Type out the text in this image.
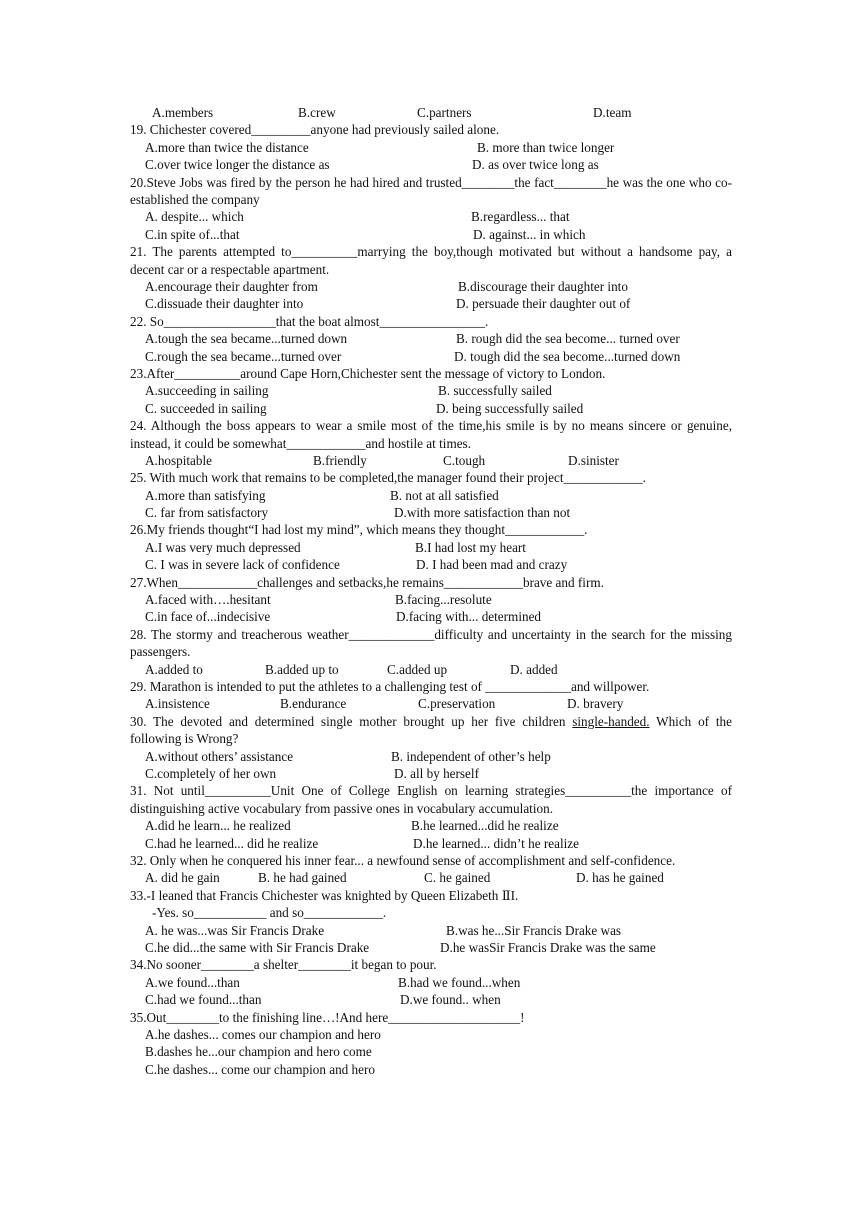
A.members	B.crew	C.partners	D.team
19. Chichester covered_________anyone had previously sailed alone.
A.more than twice the distance	B. more than twice longer
C.over twice longer the distance as	D. as over twice long as
20.Steve Jobs was fired by the person he had hired and trusted________the fact________he was the one who co-established the company
A. despite... which	B.regardless... that
C.in spite of...that	D. against... in which
21. The parents attempted to__________marrying the boy,though motivated but without a handsome pay, a decent car or a respectable apartment.
A.encourage their daughter from	B.discourage their daughter into
C.dissuade their daughter into	D. persuade their daughter out of
22. So_________________that the boat almost________________.
A.tough the sea became...turned down	B. rough did the sea become... turned over
C.rough the sea became...turned over	D. tough did the sea become...turned down
23.After__________around Cape Horn,Chichester sent the message of victory to London.
A.succeeding in sailing	B. successfully sailed
C. succeeded in sailing	D. being successfully sailed
24. Although the boss appears to wear a smile most of the time,his smile is by no means sincere or genuine, instead, it could be somewhat____________and hostile at times.
A.hospitable	B.friendly	C.tough	D.sinister
25. With much work that remains to be completed,the manager found their project____________.
A.more than satisfying	B. not at all satisfied
C. far from satisfactory	D.with more satisfaction than not
26.My friends thought“I had lost my mind”, which means they thought____________.
A.I was very much depressed	B.I had lost my heart
C. I was in severe lack of confidence	D. I had been mad and crazy
27.When____________challenges and setbacks,he remains____________brave and firm.
A.faced with….hesitant	B.facing...resolute
C.in face of...indecisive	D.facing with... determined
28. The stormy and treacherous weather_____________difficulty and uncertainty in the search for the missing passengers.
A.added to	B.added up to	C.added up	D. added
29. Marathon is intended to put the athletes to a challenging test of _____________and willpower.
A.insistence	B.endurance	C.preservation	D. bravery
30. The devoted and determined single mother brought up her five children single-handed. Which of the following is Wrong?
A.without others’ assistance	B. independent of other’s help
C.completely of her own	D. all by herself
31. Not until__________Unit One of College English on learning strategies__________the importance of distinguishing active vocabulary from passive ones in vocabulary accumulation.
A.did he learn... he realized	B.he learned...did he realize
C.had he learned... did he realize	D.he learned... didn’t he realize
32. Only when he conquered his inner fear... a newfound sense of accomplishment and self-confidence.
A. did he gain	B. he had gained	C. he gained	D. has he gained
33.-I leaned that Francis Chichester was knighted by Queen Elizabeth ⅡI.
-Yes. so___________ and so____________.
A. he was...was Sir Francis Drake	B.was he...Sir Francis Drake was
C.he did...the same with Sir Francis Drake	D.he wasSir Francis Drake was the same
34.No sooner________a shelter________it began to pour.
A.we found...than	B.had we found...when
C.had we found...than	D.we found.. when
35.Out________to the finishing line…!And here____________________!
A.he dashes... comes our champion and hero
B.dashes he...our champion and hero come
C.he dashes... come our champion and hero
